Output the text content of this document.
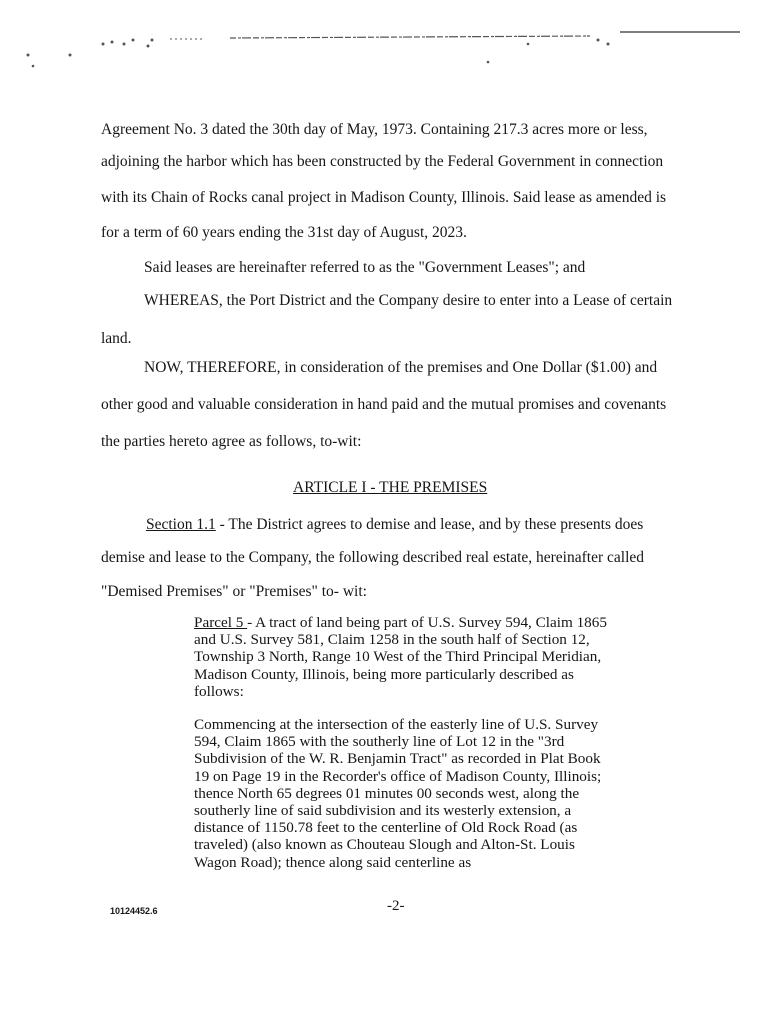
Agreement No. 3 dated the 30th day of May, 1973. Containing 217.3 acres more or less,
adjoining the harbor which has been constructed by the Federal Government in connection
with its Chain of Rocks canal project in Madison County, Illinois. Said lease as amended is
for a term of 60 years ending the 31st day of August, 2023.
Said leases are hereinafter referred to as the "Government Leases"; and
WHEREAS, the Port District and the Company desire to enter into a Lease of certain
land.
NOW, THEREFORE, in consideration of the premises and One Dollar ($1.00) and
other good and valuable consideration in hand paid and the mutual promises and covenants
the parties hereto agree as follows, to-wit:
ARTICLE I - THE PREMISES
Section 1.1 - The District agrees to demise and lease, and by these presents does
demise and lease to the Company, the following described real estate, hereinafter called
"Demised Premises" or "Premises" to- wit:

Parcel 5 - A tract of land being part of U.S. Survey 594, Claim 1865 and U.S. Survey 581, Claim 1258 in the south half of Section 12, Township 3 North, Range 10 West of the Third Principal Meridian, Madison County, Illinois, being more particularly described as follows:

Commencing at the intersection of the easterly line of U.S. Survey 594, Claim 1865 with the southerly line of Lot 12 in the "3rd Subdivision of the W. R. Benjamin Tract" as recorded in Plat Book 19 on Page 19 in the Recorder's office of Madison County, Illinois; thence North 65 degrees 01 minutes 00 seconds west, along the southerly line of said subdivision and its westerly extension, a distance of 1150.78 feet to the centerline of Old Rock Road (as traveled) (also known as Chouteau Slough and Alton-St. Louis Wagon Road); thence along said centerline as

-2-
10124452.6
